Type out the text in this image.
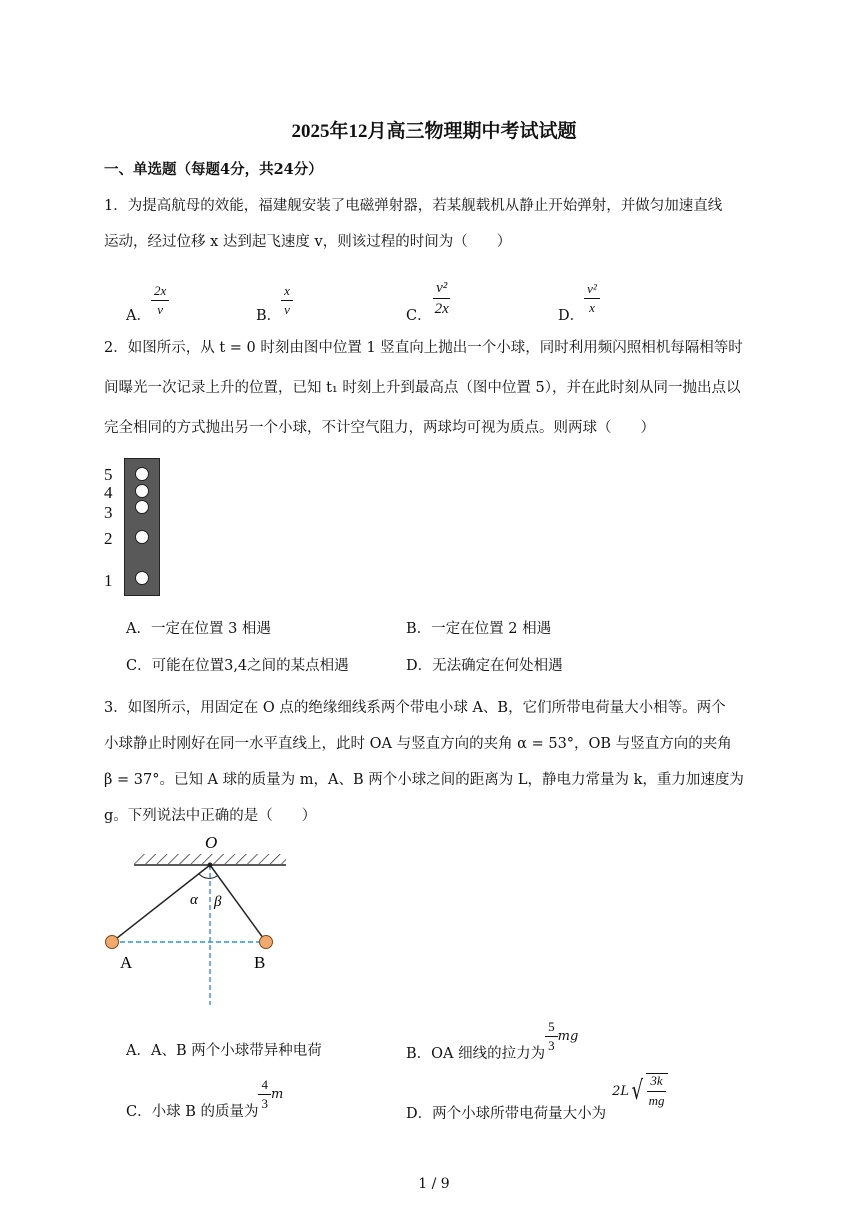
2025年12月高三物理期中考试试题
一、单选题（每题4分，共24分）
1．为提高航母的效能，福建舰安装了电磁弹射器，若某舰载机从静止开始弹射，并做匀加速直线
运动，经过位移 x 达到起飞速度 v，则该过程的时间为（　　）
A． $\frac{2x}{v}$	B． $\frac{x}{v}$	C． $\frac{\text{v²}}{2x}$	D．
$\frac{\text{v²}}{x}$
2．如图所示，从 t = 0 时刻由图中位置 1 竖直向上抛出一个小球，同时利用频闪照相机每隔相等时
间曝光一次记录上升的位置，已知 t₁ 时刻上升到最高点（图中位置 5），并在此时刻从同一抛出点以
完全相同的方式抛出另一个小球，不计空气阻力，两球均可视为质点。则两球（　　）
5
4
3
2
1
A．一定在位置 3 相遇	B．一定在位置 2 相遇
C．可能在位置3,4之间的某点相遇	D．无法确定在何处相遇
3．如图所示，用固定在 O 点的绝缘细线系两个带电小球 A、B，它们所带电荷量大小相等。两个
小球静止时刚好在同一水平直线上，此时 OA 与竖直方向的夹角 α = 53°，OB 与竖直方向的夹角
β = 37°。已知 A 球的质量为 m，A、B 两个小球之间的距离为 L，静电力常量为 k，重力加速度为
g。下列说法中正确的是（　　）
O
α β
A	B
A．A、B 两个小球带异种电荷	B．OA 细线的拉力为
$\frac{5}{3}$ mg
C．小球 B 的质量为
$\frac{4}{3}$ m
D．两个小球所带电荷量大小为
2L √ $\frac{3k}{mg}$
1 / 9
